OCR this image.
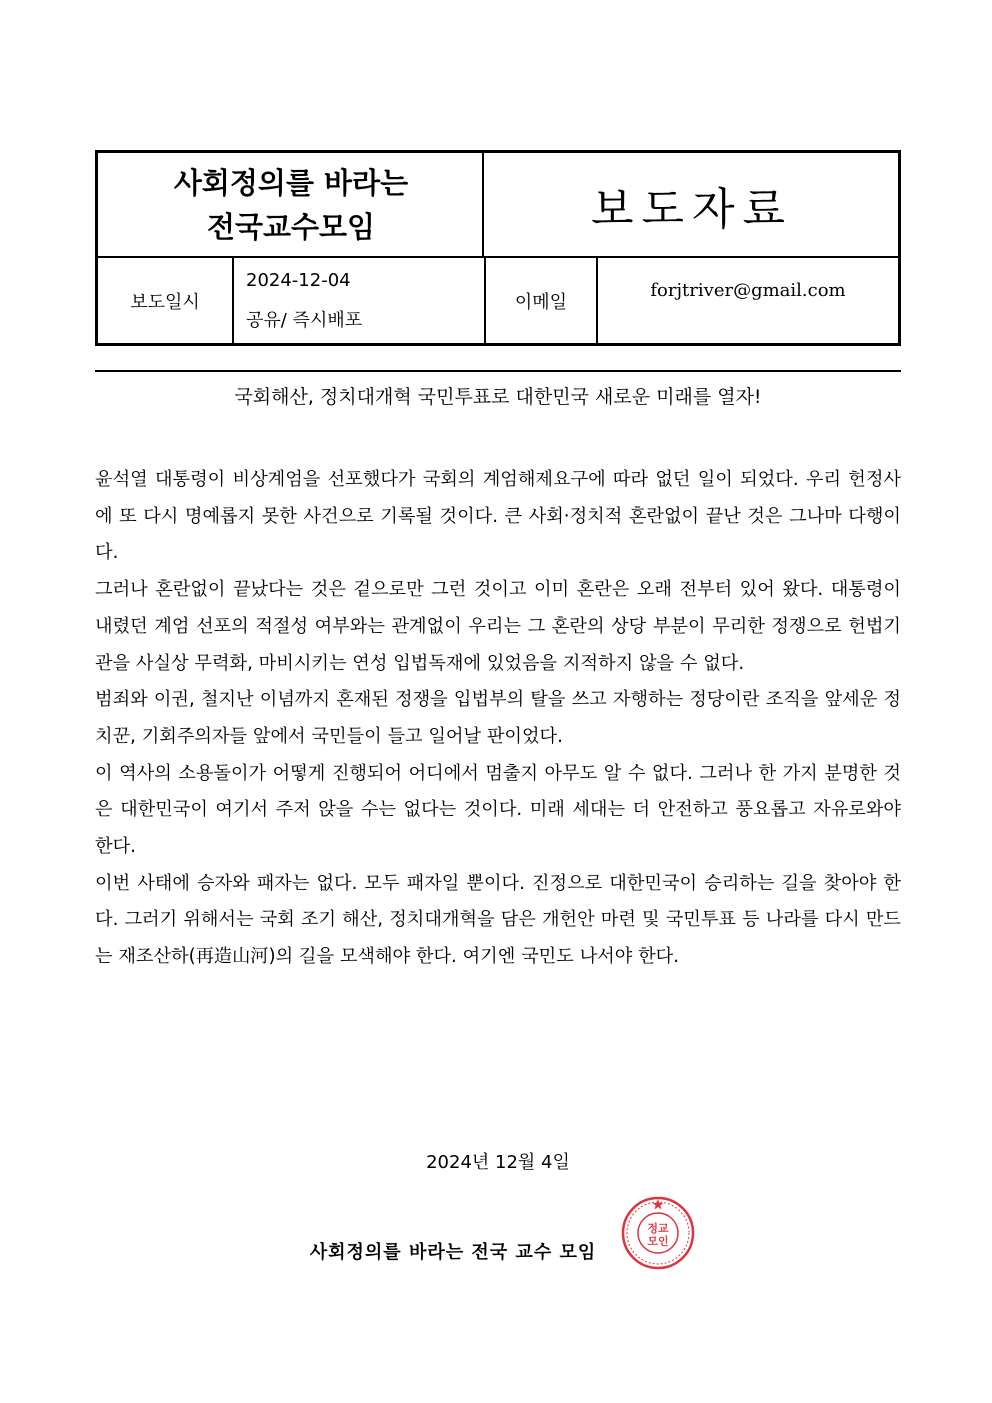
사회정의를 바라는
전국교수모임	보도자료
보도일시
2024-12-04
공유/ 즉시배포
이메일
forjtriver@gmail.com
국회해산, 정치대개혁 국민투표로 대한민국 새로운 미래를 열자!

윤석열 대통령이 비상계엄을 선포했다가 국회의 계엄해제요구에 따라 없던 일이 되었다. 우리 헌정사에 또 다시 명예롭지 못한 사건으로 기록될 것이다. 큰 사회·정치적 혼란없이 끝난 것은 그나마 다행이다.

그러나 혼란없이 끝났다는 것은 겉으로만 그런 것이고 이미 혼란은 오래 전부터 있어 왔다. 대통령이 내렸던 계엄 선포의 적절성 여부와는 관계없이 우리는 그 혼란의 상당 부분이 무리한 정쟁으로 헌법기관을 사실상 무력화, 마비시키는 연성 입법독재에 있었음을 지적하지 않을 수 없다.

범죄와 이권, 철지난 이념까지 혼재된 정쟁을 입법부의 탈을 쓰고 자행하는 정당이란 조직을 앞세운 정치꾼, 기회주의자들 앞에서 국민들이 들고 일어날 판이었다.

이 역사의 소용돌이가 어떻게 진행되어 어디에서 멈출지 아무도 알 수 없다. 그러나 한 가지 분명한 것은 대한민국이 여기서 주저 앉을 수는 없다는 것이다. 미래 세대는 더 안전하고 풍요롭고 자유로와야 한다.

이번 사태에 승자와 패자는 없다. 모두 패자일 뿐이다. 진정으로 대한민국이 승리하는 길을 찾아야 한다. 그러기 위해서는 국회 조기 해산, 정치대개혁을 담은 개헌안 마련 및 국민투표 등 나라를 다시 만드는 재조산하(再造山河)의 길을 모색해야 한다. 여기엔 국민도 나서야 한다.

2024년 12월 4일
사회정의를 바라는 전국 교수 모임
정교
모인
